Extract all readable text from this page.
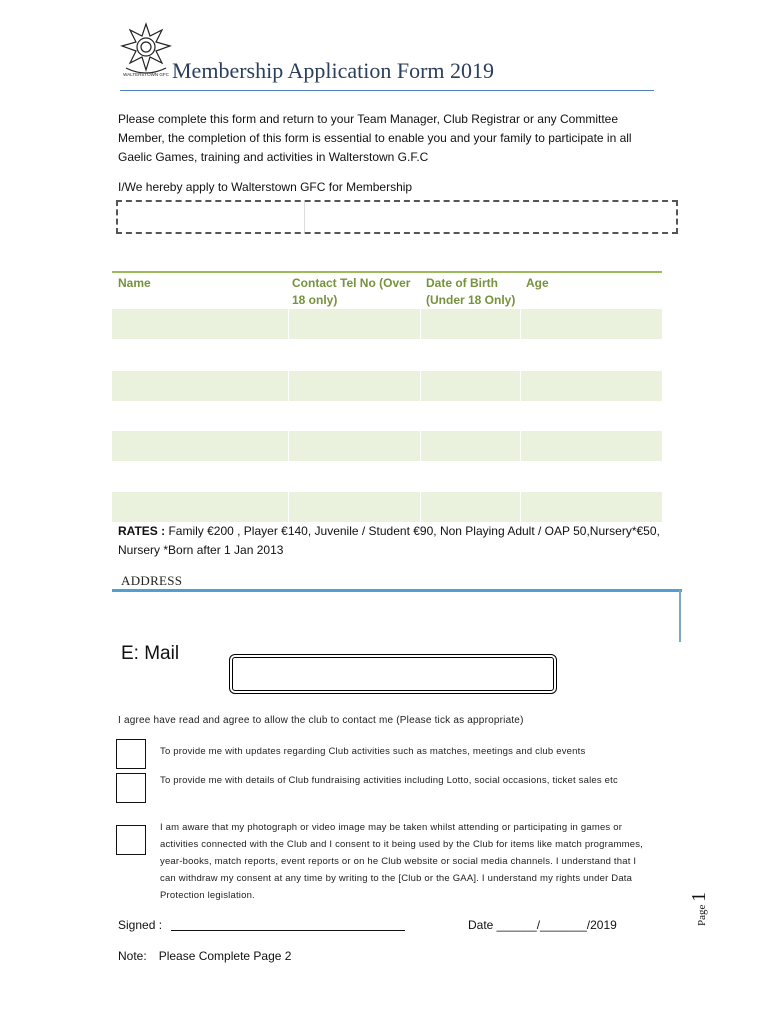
WALTERSTOWN GFC Membership Application Form 2019
Please complete this form and return to your Team Manager, Club Registrar or any Committee Member, the completion of this form is essential to enable you and your family to participate in all Gaelic Games, training and activities in Walterstown G.F.C
I/We hereby apply to Walterstown GFC for Membership
Name	Contact Tel No (Over 18 only)
Date of Birth (Under 18 Only)
Age
RATES : Family €200 , Player €140, Juvenile / Student €90, Non Playing Adult / OAP 50,Nursery*€50, Nursery *Born after 1 Jan 2013
ADDRESS
E: Mail
I agree have read and agree to allow the club to contact me (Please tick as appropriate)
To provide me with updates regarding Club activities such as matches, meetings and club events
To provide me with details of Club fundraising activities including Lotto, social occasions, ticket sales etc
I am aware that my photograph or video image may be taken whilst attending or participating in games or activities connected with the Club and I consent to it being used by the Club for items like match programmes, year-books, match reports, event reports or on he Club website or social media channels. I understand that I can withdraw my consent at any time by writing to the [Club or the GAA]. I understand my rights under Data Protection legislation.
Signed :	Date ______/_______/2019
Note: Please Complete Page 2
Page 1
